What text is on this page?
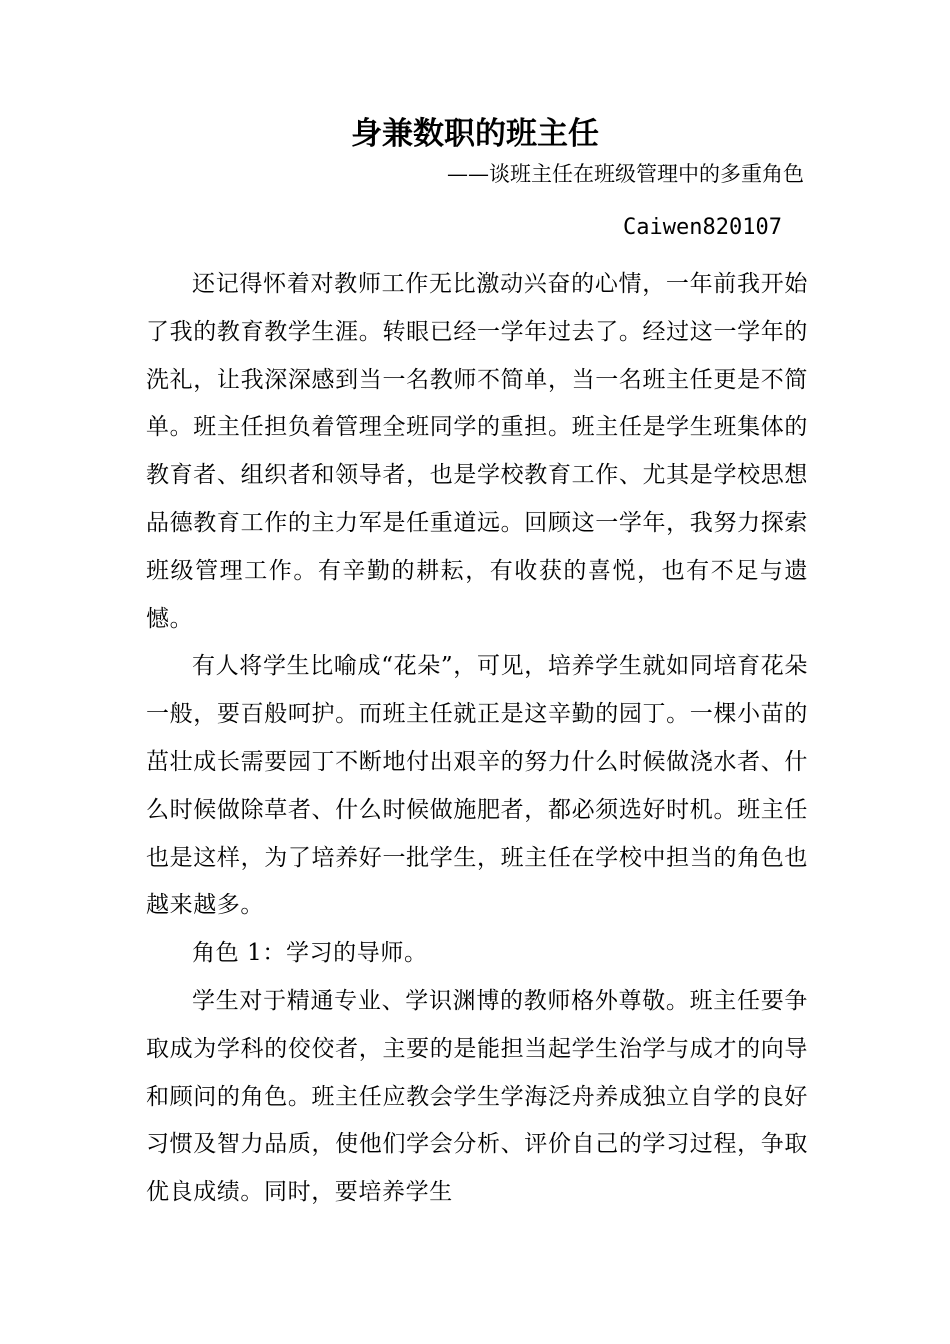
身兼数职的班主任
——谈班主任在班级管理中的多重角色
Caiwen820107

还记得怀着对教师工作无比激动兴奋的心情，一年前我开始了我的教育教学生涯。转眼已经一学年过去了。经过这一学年的洗礼，让我深深感到当一名教师不简单，当一名班主任更是不简单。班主任担负着管理全班同学的重担。班主任是学生班集体的教育者、组织者和领导者，也是学校教育工作、尤其是学校思想品德教育工作的主力军是任重道远。回顾这一学年，我努力探索班级管理工作。有辛勤的耕耘，有收获的喜悦，也有不足与遗憾。

有人将学生比喻成“花朵”，可见，培养学生就如同培育花朵一般，要百般呵护。而班主任就正是这辛勤的园丁。一棵小苗的茁壮成长需要园丁不断地付出艰辛的努力什么时候做浇水者、什么时候做除草者、什么时候做施肥者，都必须选好时机。班主任也是这样，为了培养好一批学生，班主任在学校中担当的角色也越来越多。

角色 1：学习的导师。

学生对于精通专业、学识渊博的教师格外尊敬。班主任要争取成为学科的佼佼者，主要的是能担当起学生治学与成才的向导和顾问的角色。班主任应教会学生学海泛舟养成独立自学的良好习惯及智力品质，使他们学会分析、评价自己的学习过程，争取优良成绩。同时，要培养学生
